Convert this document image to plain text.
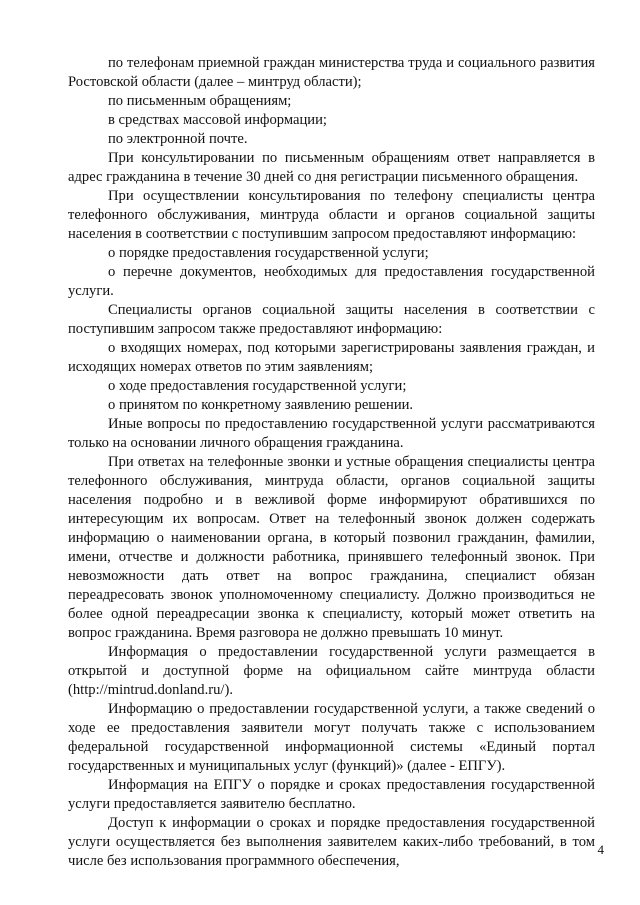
по телефонам приемной граждан министерства труда и социального развития Ростовской области (далее – минтруд области);

по письменным обращениям;

в средствах массовой информации;

по электронной почте.

При консультировании по письменным обращениям ответ направляется в адрес гражданина в течение 30 дней со дня регистрации письменного обращения.

При осуществлении консультирования по телефону специалисты центра телефонного обслуживания, минтруда области и органов социальной защиты населения в соответствии с поступившим запросом предоставляют информацию:

о порядке предоставления государственной услуги;

о перечне документов, необходимых для предоставления государственной услуги.

Специалисты органов социальной защиты населения в соответствии с поступившим запросом также предоставляют информацию:

о входящих номерах, под которыми зарегистрированы заявления граждан, и исходящих номерах ответов по этим заявлениям;

о ходе предоставления государственной услуги;

о принятом по конкретному заявлению решении.

Иные вопросы по предоставлению государственной услуги рассматриваются только на основании личного обращения гражданина.

При ответах на телефонные звонки и устные обращения специалисты центра телефонного обслуживания, минтруда области, органов социальной защиты населения подробно и в вежливой форме информируют обратившихся по интересующим их вопросам. Ответ на телефонный звонок должен содержать информацию о наименовании органа, в который позвонил гражданин, фамилии, имени, отчестве и должности работника, принявшего телефонный звонок. При невозможности дать ответ на вопрос гражданина, специалист обязан переадресовать звонок уполномоченному специалисту. Должно производиться не более одной переадресации звонка к специалисту, который может ответить на вопрос гражданина. Время разговора не должно превышать 10 минут.

Информация о предоставлении государственной услуги размещается в открытой и доступной форме на официальном сайте минтруда области (http://mintrud.donland.ru/).

Информацию о предоставлении государственной услуги, а также сведений о ходе ее предоставления заявители могут получать также с использованием федеральной государственной информационной системы «Единый портал государственных и муниципальных услуг (функций)» (далее - ЕПГУ).

Информация на ЕПГУ о порядке и сроках предоставления государственной услуги предоставляется заявителю бесплатно.

Доступ к информации о сроках и порядке предоставления государственной услуги осуществляется без выполнения заявителем каких-либо требований, в том числе без использования программного обеспечения,

4
